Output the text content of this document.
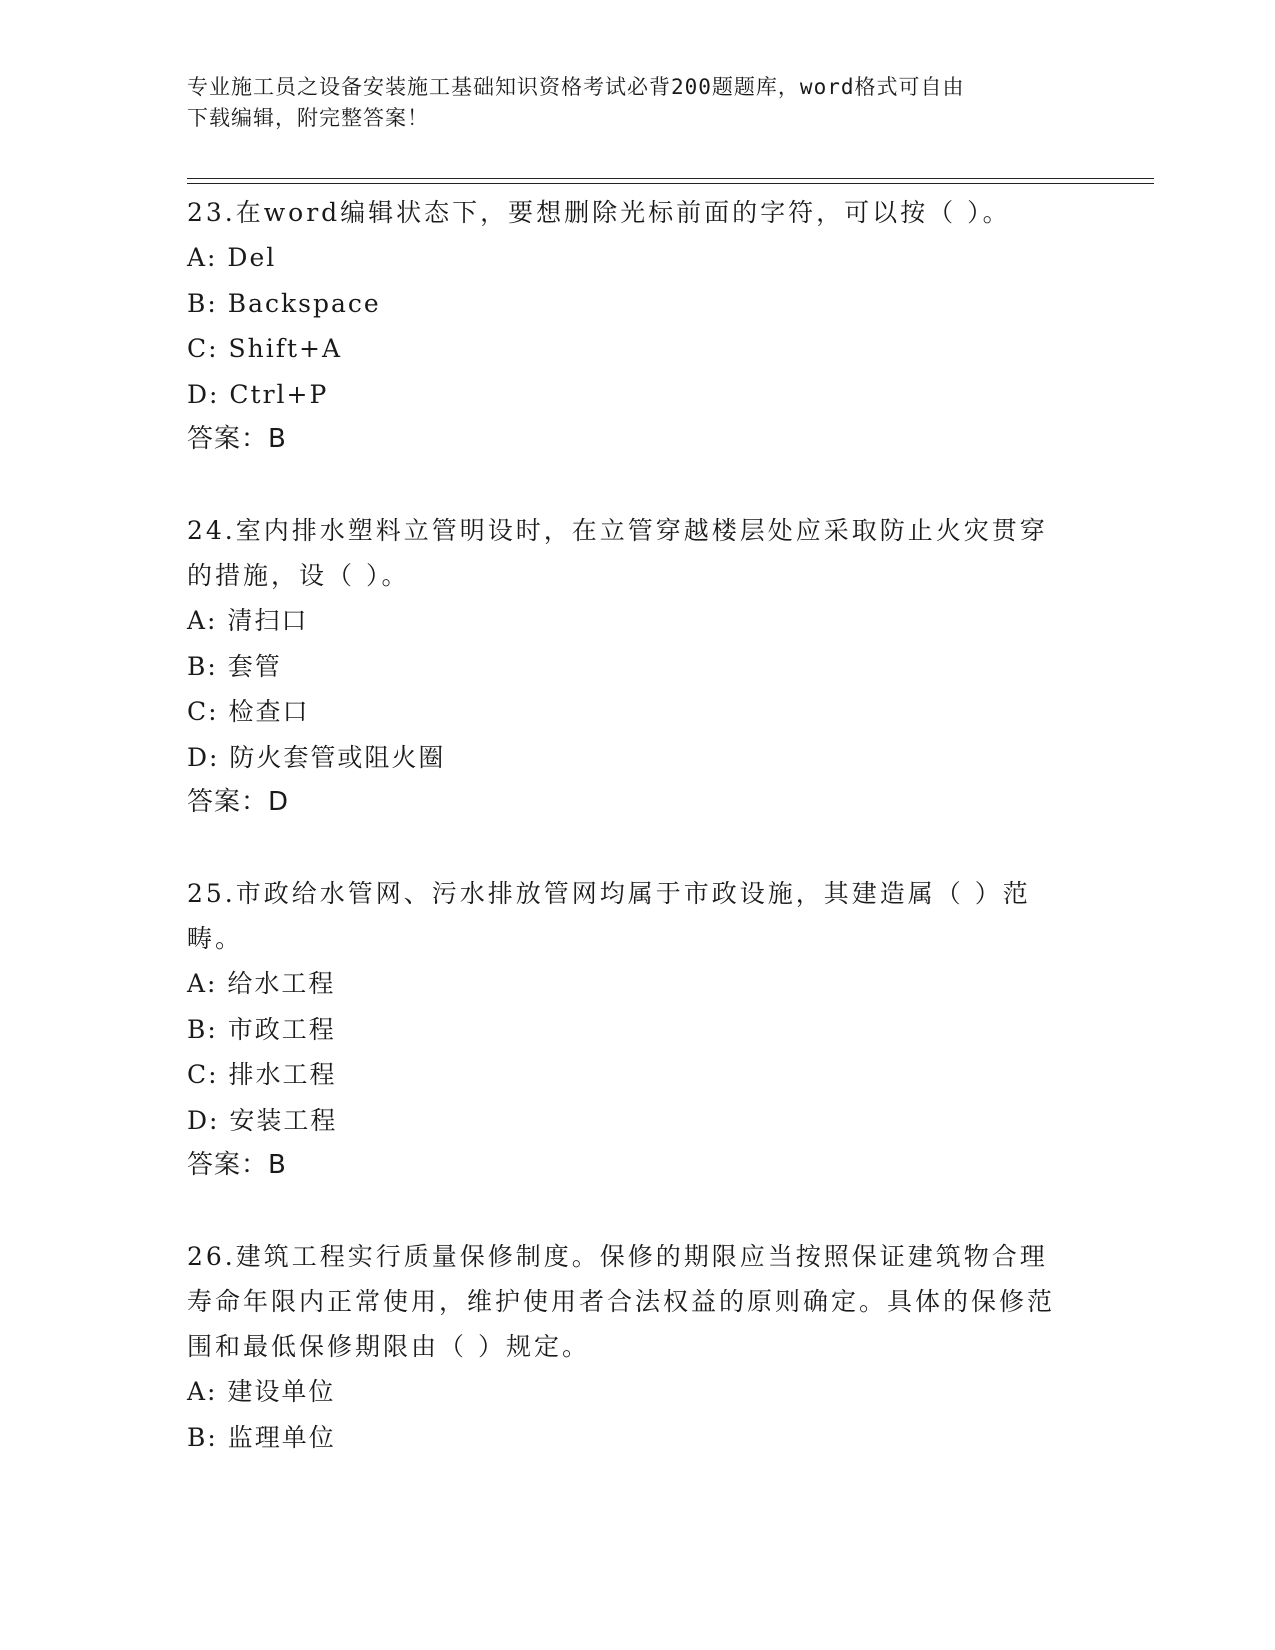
专业施工员之设备安装施工基础知识资格考试必背200题题库，word格式可自由
下载编辑，附完整答案！
23.在word编辑状态下，要想删除光标前面的字符，可以按（ ）。
A: Del
B: Backspace
C: Shift+A
D: Ctrl+P
答案：B
24.室内排水塑料立管明设时，在立管穿越楼层处应采取防止火灾贯穿的措施，设（ ）。
A: 清扫口
B: 套管
C: 检查口
D: 防火套管或阻火圈
答案：D
25.市政给水管网、污水排放管网均属于市政设施，其建造属（ ）范畴。
A: 给水工程
B: 市政工程
C: 排水工程
D: 安装工程
答案：B
26.建筑工程实行质量保修制度。保修的期限应当按照保证建筑物合理寿命年限内正常使用，维护使用者合法权益的原则确定。具体的保修范围和最低保修期限由（ ）规定。
A: 建设单位
B: 监理单位
